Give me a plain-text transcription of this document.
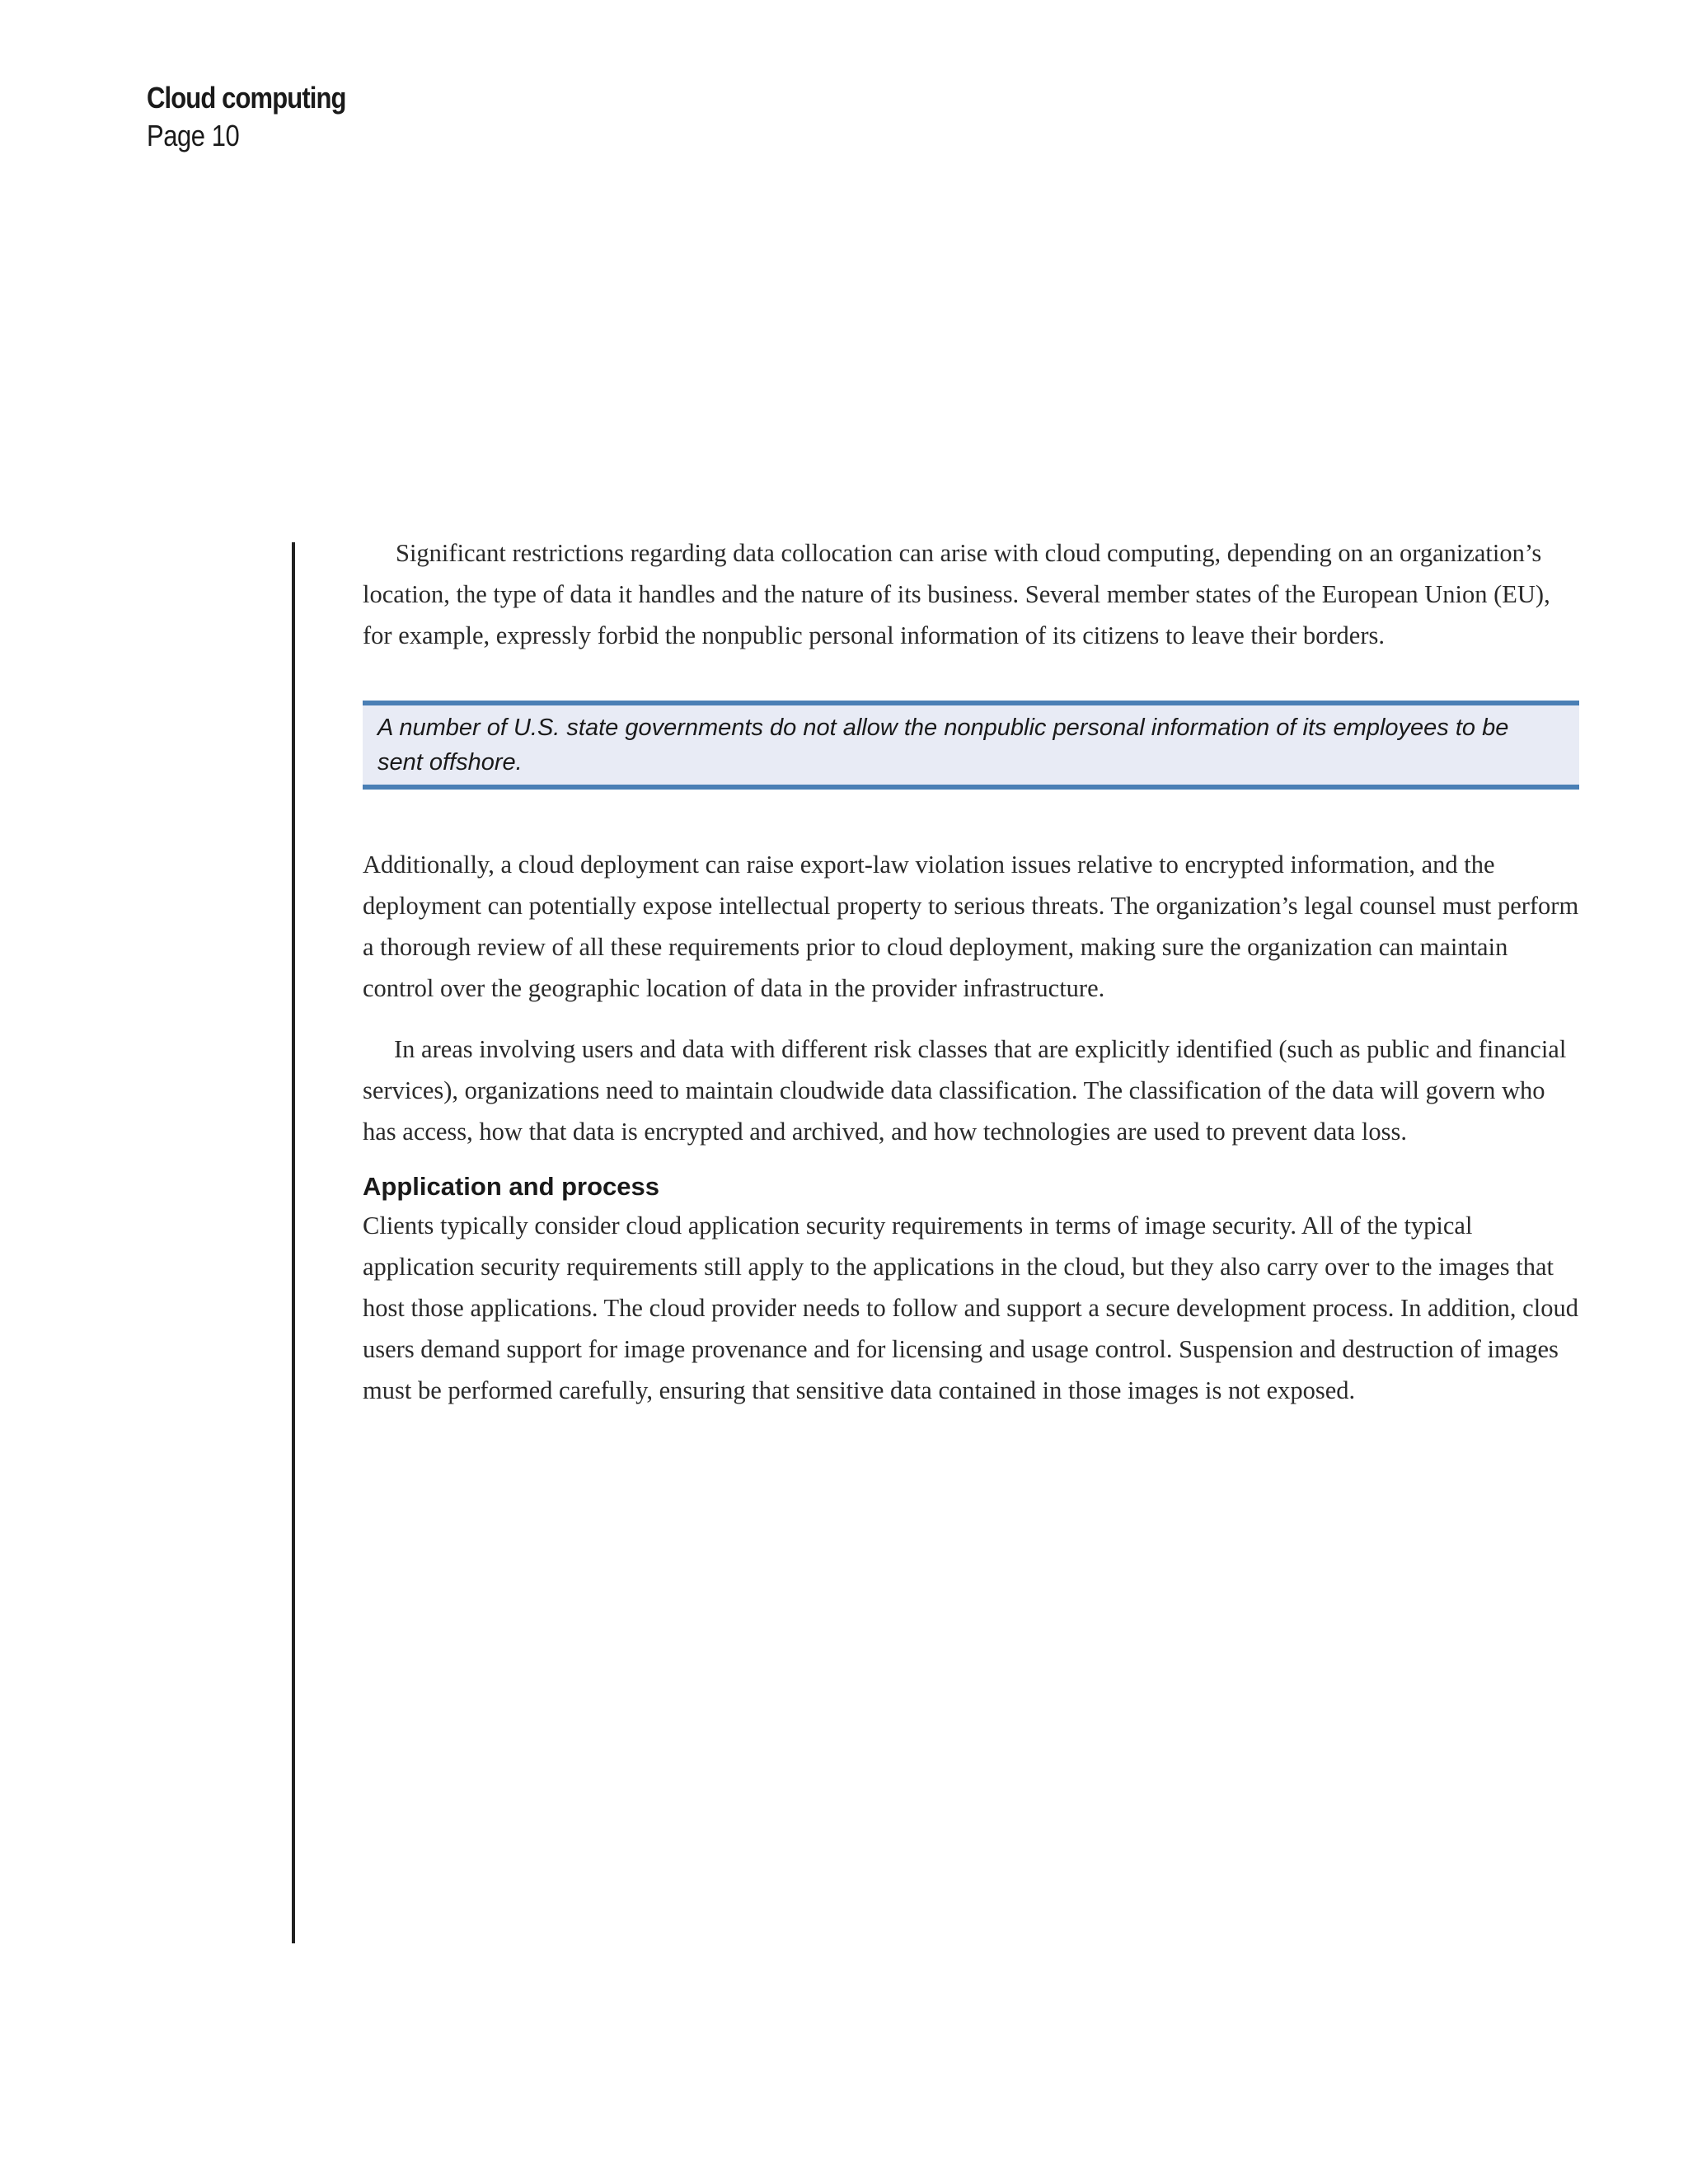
Cloud computing
Page 10

Significant restrictions regarding data collocation can arise with cloud computing, depending on an organization’s location, the type of data it handles and the nature of its business. Several member states of the European Union (EU), for example, expressly forbid the nonpublic personal information of its citizens to leave their borders.

A number of U.S. state governments do not allow the nonpublic personal information of its employees to be sent offshore.

Additionally, a cloud deployment can raise export-law violation issues relative to encrypted information, and the deployment can potentially expose intellectual property to serious threats. The organization’s legal counsel must perform a thorough review of all these requirements prior to cloud deployment, making sure the organization can maintain control over the geographic location of data in the provider infrastructure.

In areas involving users and data with different risk classes that are explicitly identified (such as public and financial services), organizations need to maintain cloudwide data classification. The classification of the data will govern who has access, how that data is encrypted and archived, and how technologies are used to prevent data loss.

Application and process

Clients typically consider cloud application security requirements in terms of image security. All of the typical application security requirements still apply to the applications in the cloud, but they also carry over to the images that host those applications. The cloud provider needs to follow and support a secure development process. In addition, cloud users demand support for image provenance and for licensing and usage control. Suspension and destruction of images must be performed carefully, ensuring that sensitive data contained in those images is not exposed.
